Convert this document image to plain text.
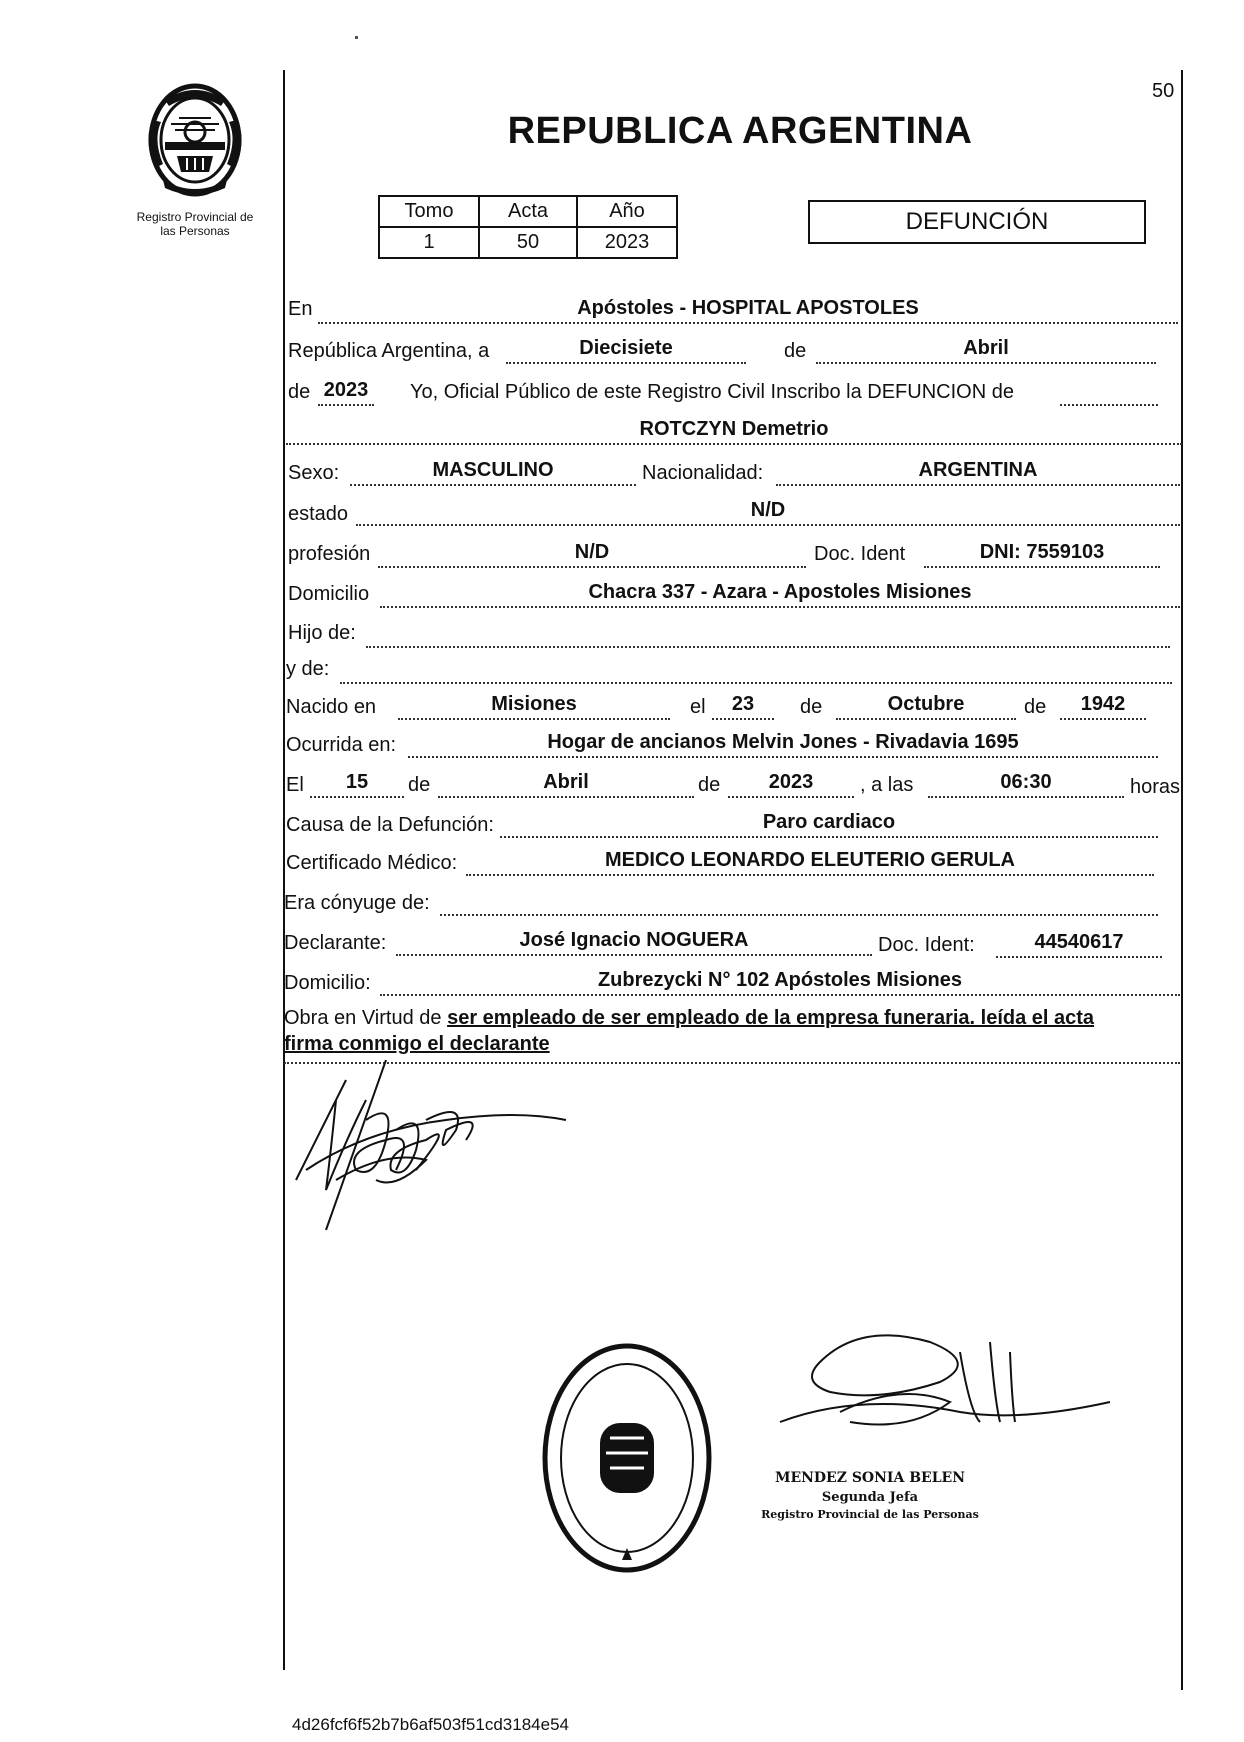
Registro Provincial de
las Personas
50
REPUBLICA ARGENTINA
Tomo	Acta	Año
1	50	2023
DEFUNCIÓN
En	Apóstoles - HOSPITAL APOSTOLES
República Argentina, a	Diecisiete	de	Abril
de 2023 Yo, Oficial Público de este Registro Civil Inscribo la DEFUNCION de
ROTCZYN Demetrio
Sexo:	MASCULINO	Nacionalidad:	ARGENTINA
estado	N/D
profesión	N/D	Doc. Ident	DNI: 7559103
Domicilio	Chacra 337 - Azara - Apostoles Misiones
Hijo de:
y de:
Nacido en	Misiones	el	23	de	Octubre	de	1942
Ocurrida en:	Hogar de ancianos Melvin Jones - Rivadavia 1695
El	15	de	Abril	de	2023	, a las	06:30	horas
Causa de la Defunción:	Paro cardiaco
Certificado Médico:	MEDICO LEONARDO ELEUTERIO GERULA
Era cónyuge de:
Declarante:	José Ignacio NOGUERA	Doc. Ident:	44540617
Domicilio:	Zubrezycki N° 102 Apóstoles Misiones
Obra en Virtud de ser empleado de ser empleado de la empresa funeraria. leída el acta
firma conmigo el declarante
MENDEZ SONIA BELEN
Segunda Jefa
Registro Provincial de las Personas
4d26fcf6f52b7b6af503f51cd3184e54
